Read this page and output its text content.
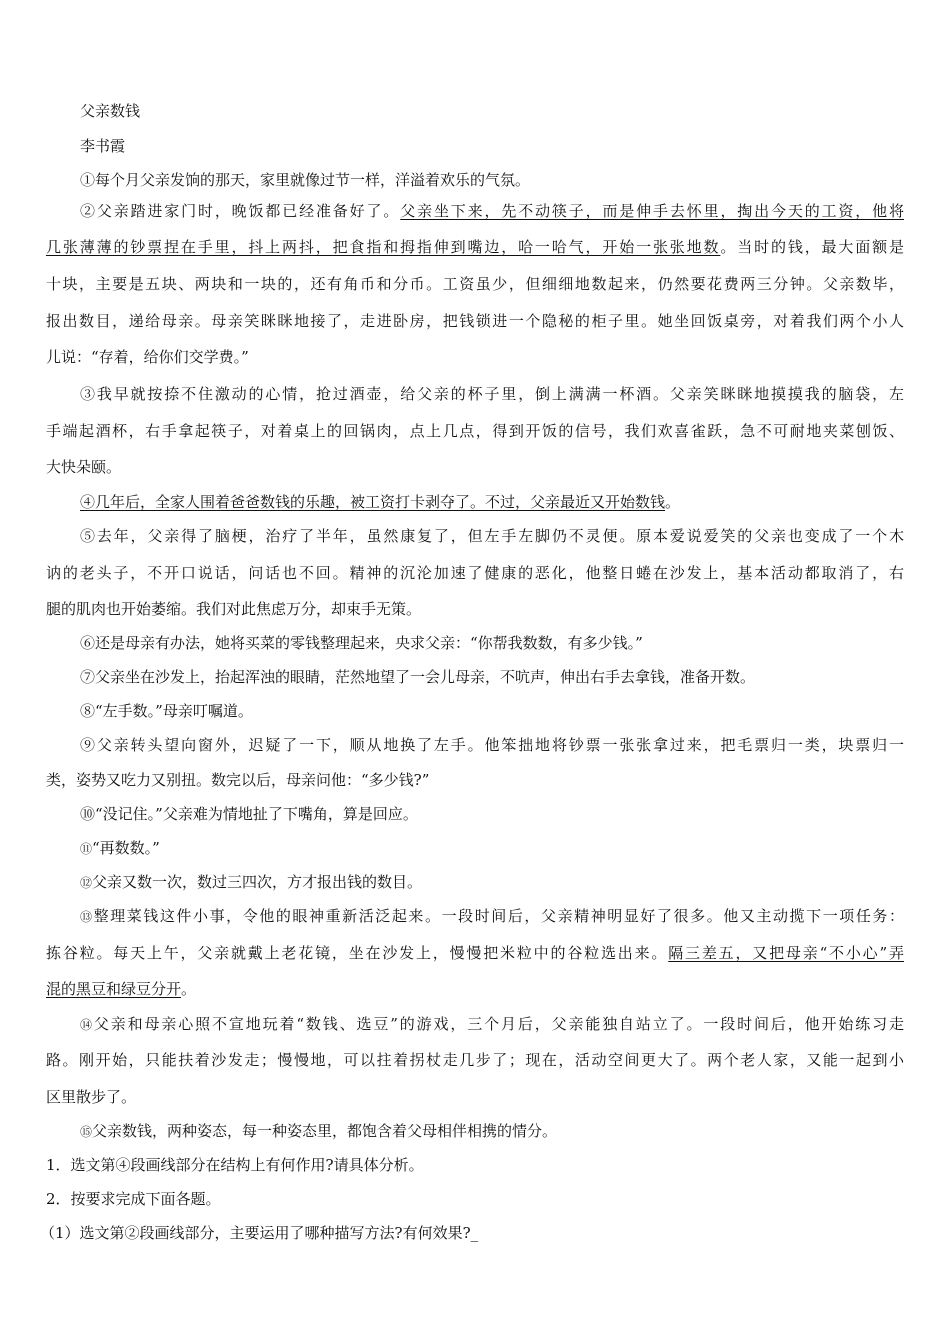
父亲数钱
李书霞
①每个月父亲发饷的那天，家里就像过节一样，洋溢着欢乐的气氛。
②父亲踏进家门时，晚饭都已经准备好了。父亲坐下来，先不动筷子，而是伸手去怀里，掏出今天的工资，他将
几张薄薄的钞票捏在手里，抖上两抖，把食指和拇指伸到嘴边，哈一哈气，开始一张张地数。当时的钱，最大面额是
十块，主要是五块、两块和一块的，还有角币和分币。工资虽少，但细细地数起来，仍然要花费两三分钟。父亲数毕，
报出数目，递给母亲。母亲笑眯眯地接了，走进卧房，把钱锁进一个隐秘的柜子里。她坐回饭桌旁，对着我们两个小人
儿说：“存着，给你们交学费。”
③我早就按捺不住激动的心情，抢过酒壶，给父亲的杯子里，倒上满满一杯酒。父亲笑眯眯地摸摸我的脑袋，左
手端起酒杯，右手拿起筷子，对着桌上的回锅肉，点上几点，得到开饭的信号，我们欢喜雀跃，急不可耐地夹菜刨饭、
大快朵颐。
④几年后，全家人围着爸爸数钱的乐趣，被工资打卡剥夺了。不过，父亲最近又开始数钱。
⑤去年，父亲得了脑梗，治疗了半年，虽然康复了，但左手左脚仍不灵便。原本爱说爱笑的父亲也变成了一个木
讷的老头子，不开口说话，问话也不回。精神的沉沦加速了健康的恶化，他整日蜷在沙发上，基本活动都取消了，右
腿的肌肉也开始萎缩。我们对此焦虑万分，却束手无策。
⑥还是母亲有办法，她将买菜的零钱整理起来，央求父亲：“你帮我数数，有多少钱。”
⑦父亲坐在沙发上，抬起浑浊的眼睛，茫然地望了一会儿母亲，不吭声，伸出右手去拿钱，准备开数。
⑧“左手数。”母亲叮嘱道。
⑨父亲转头望向窗外，迟疑了一下，顺从地换了左手。他笨拙地将钞票一张张拿过来，把毛票归一类，块票归一
类，姿势又吃力又别扭。数完以后，母亲问他：“多少钱?”
⑩“没记住。”父亲难为情地扯了下嘴角，算是回应。
⑪“再数数。”
⑫父亲又数一次，数过三四次，方才报出钱的数目。
⑬整理菜钱这件小事，令他的眼神重新活泛起来。一段时间后，父亲精神明显好了很多。他又主动揽下一项任务：
拣谷粒。每天上午，父亲就戴上老花镜，坐在沙发上，慢慢把米粒中的谷粒选出来。隔三差五，又把母亲“不小心”弄
混的黑豆和绿豆分开。
⑭父亲和母亲心照不宣地玩着“数钱、选豆”的游戏，三个月后，父亲能独自站立了。一段时间后，他开始练习走
路。刚开始，只能扶着沙发走；慢慢地，可以拄着拐杖走几步了；现在，活动空间更大了。两个老人家，又能一起到小
区里散步了。
⑮父亲数钱，两种姿态，每一种姿态里，都饱含着父母相伴相携的情分。
1．选文第④段画线部分在结构上有何作用?请具体分析。
2．按要求完成下面各题。
（1）选文第②段画线部分，主要运用了哪种描写方法?有何效果?_
